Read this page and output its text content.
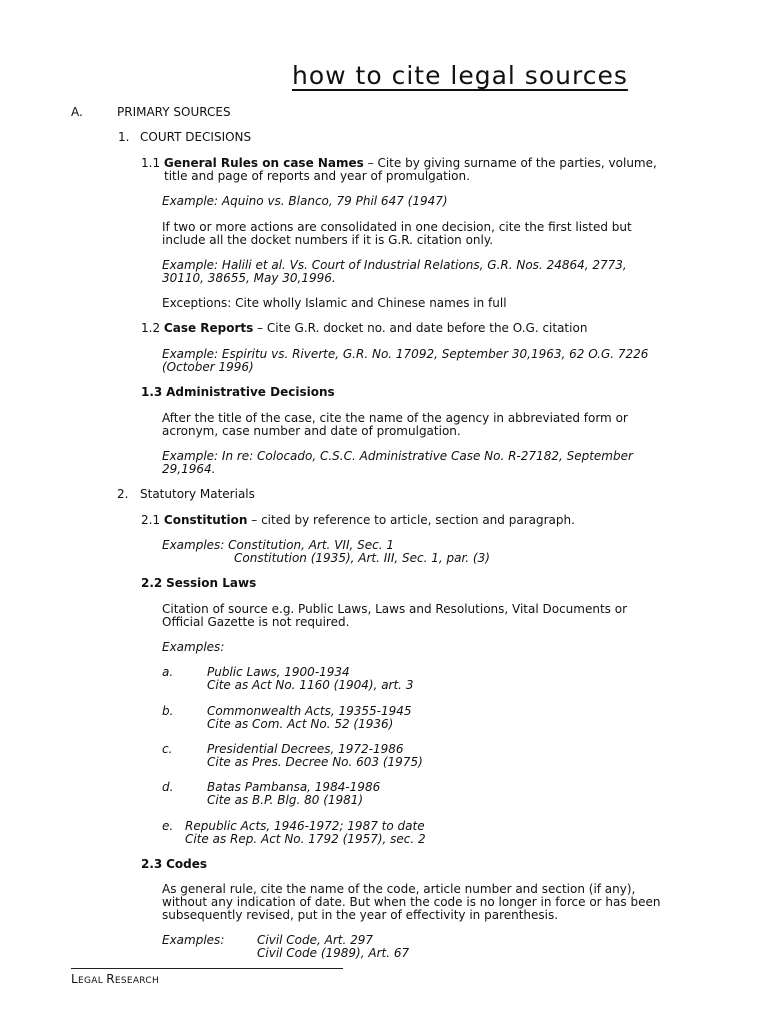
how to cite legal sources
A.	PRIMARY SOURCES
1. COURT DECISIONS
1.1 General Rules on case Names – Cite by giving surname of the parties, volume,
title and page of reports and year of promulgation.
Example: Aquino vs. Blanco, 79 Phil 647 (1947)
If two or more actions are consolidated in one decision, cite the first listed but
include all the docket numbers if it is G.R. citation only.
Example: Halili et al. Vs. Court of Industrial Relations, G.R. Nos. 24864, 2773,
30110, 38655, May 30,1996.
Exceptions: Cite wholly Islamic and Chinese names in full
1.2 Case Reports – Cite G.R. docket no. and date before the O.G. citation
Example: Espiritu vs. Riverte, G.R. No. 17092, September 30,1963, 62 O.G. 7226
(October 1996)
1.3 Administrative Decisions
After the title of the case, cite the name of the agency in abbreviated form or
acronym, case number and date of promulgation.
Example: In re: Colocado, C.S.C. Administrative Case No. R-27182, September
29,1964.
2. Statutory Materials
2.1 Constitution – cited by reference to article, section and paragraph.
Examples: Constitution, Art. VII, Sec. 1
Constitution (1935), Art. III, Sec. 1, par. (3)
2.2 Session Laws
Citation of source e.g. Public Laws, Laws and Resolutions, Vital Documents or
Official Gazette is not required.
Examples:
a.	Public Laws, 1900-1934
Cite as Act No. 1160 (1904), art. 3
b.	Commonwealth Acts, 19355-1945
Cite as Com. Act No. 52 (1936)
c.	Presidential Decrees, 1972-1986
Cite as Pres. Decree No. 603 (1975)
d.	Batas Pambansa, 1984-1986
Cite as B.P. Blg. 80 (1981)
e. Republic Acts, 1946-1972; 1987 to date
Cite as Rep. Act No. 1792 (1957), sec. 2
2.3 Codes
As general rule, cite the name of the code, article number and section (if any),
without any indication of date. But when the code is no longer in force or has been
subsequently revised, put in the year of effectivity in parenthesis.
Examples:	Civil Code, Art. 297
Civil Code (1989), Art. 67
LEGAL RESEARCH
